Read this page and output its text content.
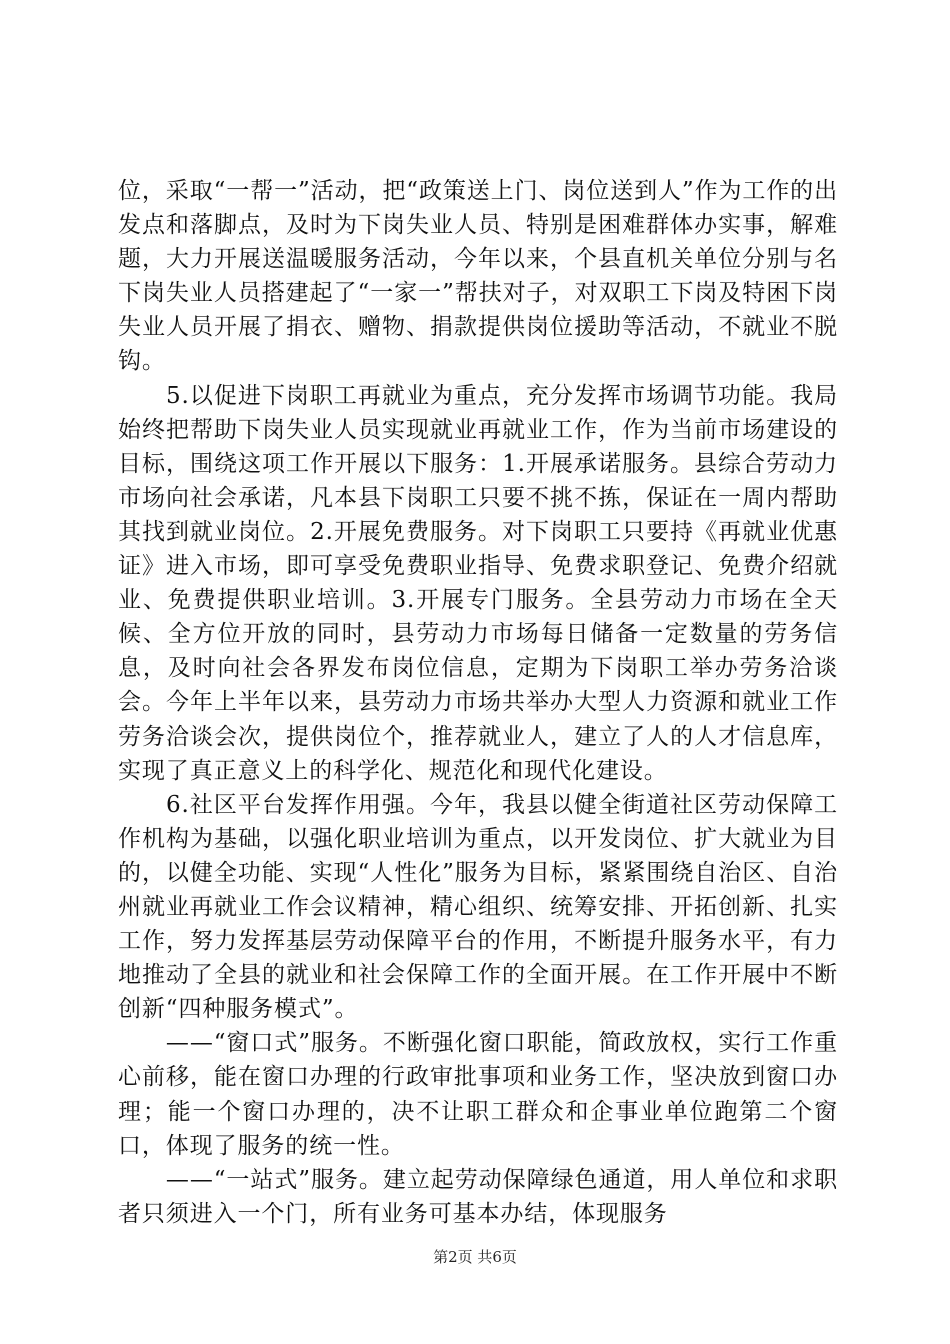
位，采取“一帮一”活动，把“政策送上门、岗位送到人”作为工作的出发点和落脚点，及时为下岗失业人员、特别是困难群体办实事，解难题，大力开展送温暖服务活动，今年以来，个县直机关单位分别与名下岗失业人员搭建起了“一家一”帮扶对子，对双职工下岗及特困下岗失业人员开展了捐衣、赠物、捐款提供岗位援助等活动，不就业不脱钩。

　　5.以促进下岗职工再就业为重点，充分发挥市场调节功能。我局始终把帮助下岗失业人员实现就业再就业工作，作为当前市场建设的目标，围绕这项工作开展以下服务：1.开展承诺服务。县综合劳动力市场向社会承诺，凡本县下岗职工只要不挑不拣，保证在一周内帮助其找到就业岗位。2.开展免费服务。对下岗职工只要持《再就业优惠证》进入市场，即可享受免费职业指导、免费求职登记、免费介绍就业、免费提供职业培训。3.开展专门服务。全县劳动力市场在全天候、全方位开放的同时，县劳动力市场每日储备一定数量的劳务信息，及时向社会各界发布岗位信息，定期为下岗职工举办劳务洽谈会。今年上半年以来，县劳动力市场共举办大型人力资源和就业工作劳务洽谈会次，提供岗位个，推荐就业人，建立了人的人才信息库，实现了真正意义上的科学化、规范化和现代化建设。

　　6.社区平台发挥作用强。今年，我县以健全街道社区劳动保障工作机构为基础，以强化职业培训为重点，以开发岗位、扩大就业为目的，以健全功能、实现“人性化”服务为目标，紧紧围绕自治区、自治州就业再就业工作会议精神，精心组织、统筹安排、开拓创新、扎实工作，努力发挥基层劳动保障平台的作用，不断提升服务水平，有力地推动了全县的就业和社会保障工作的全面开展。在工作开展中不断创新“四种服务模式”。

　　——“窗口式”服务。不断强化窗口职能，简政放权，实行工作重心前移，能在窗口办理的行政审批事项和业务工作，坚决放到窗口办理；能一个窗口办理的，决不让职工群众和企事业单位跑第二个窗口，体现了服务的统一性。

　　——“一站式”服务。建立起劳动保障绿色通道，用人单位和求职者只须进入一个门，所有业务可基本办结，体现服务

第2页 共6页
